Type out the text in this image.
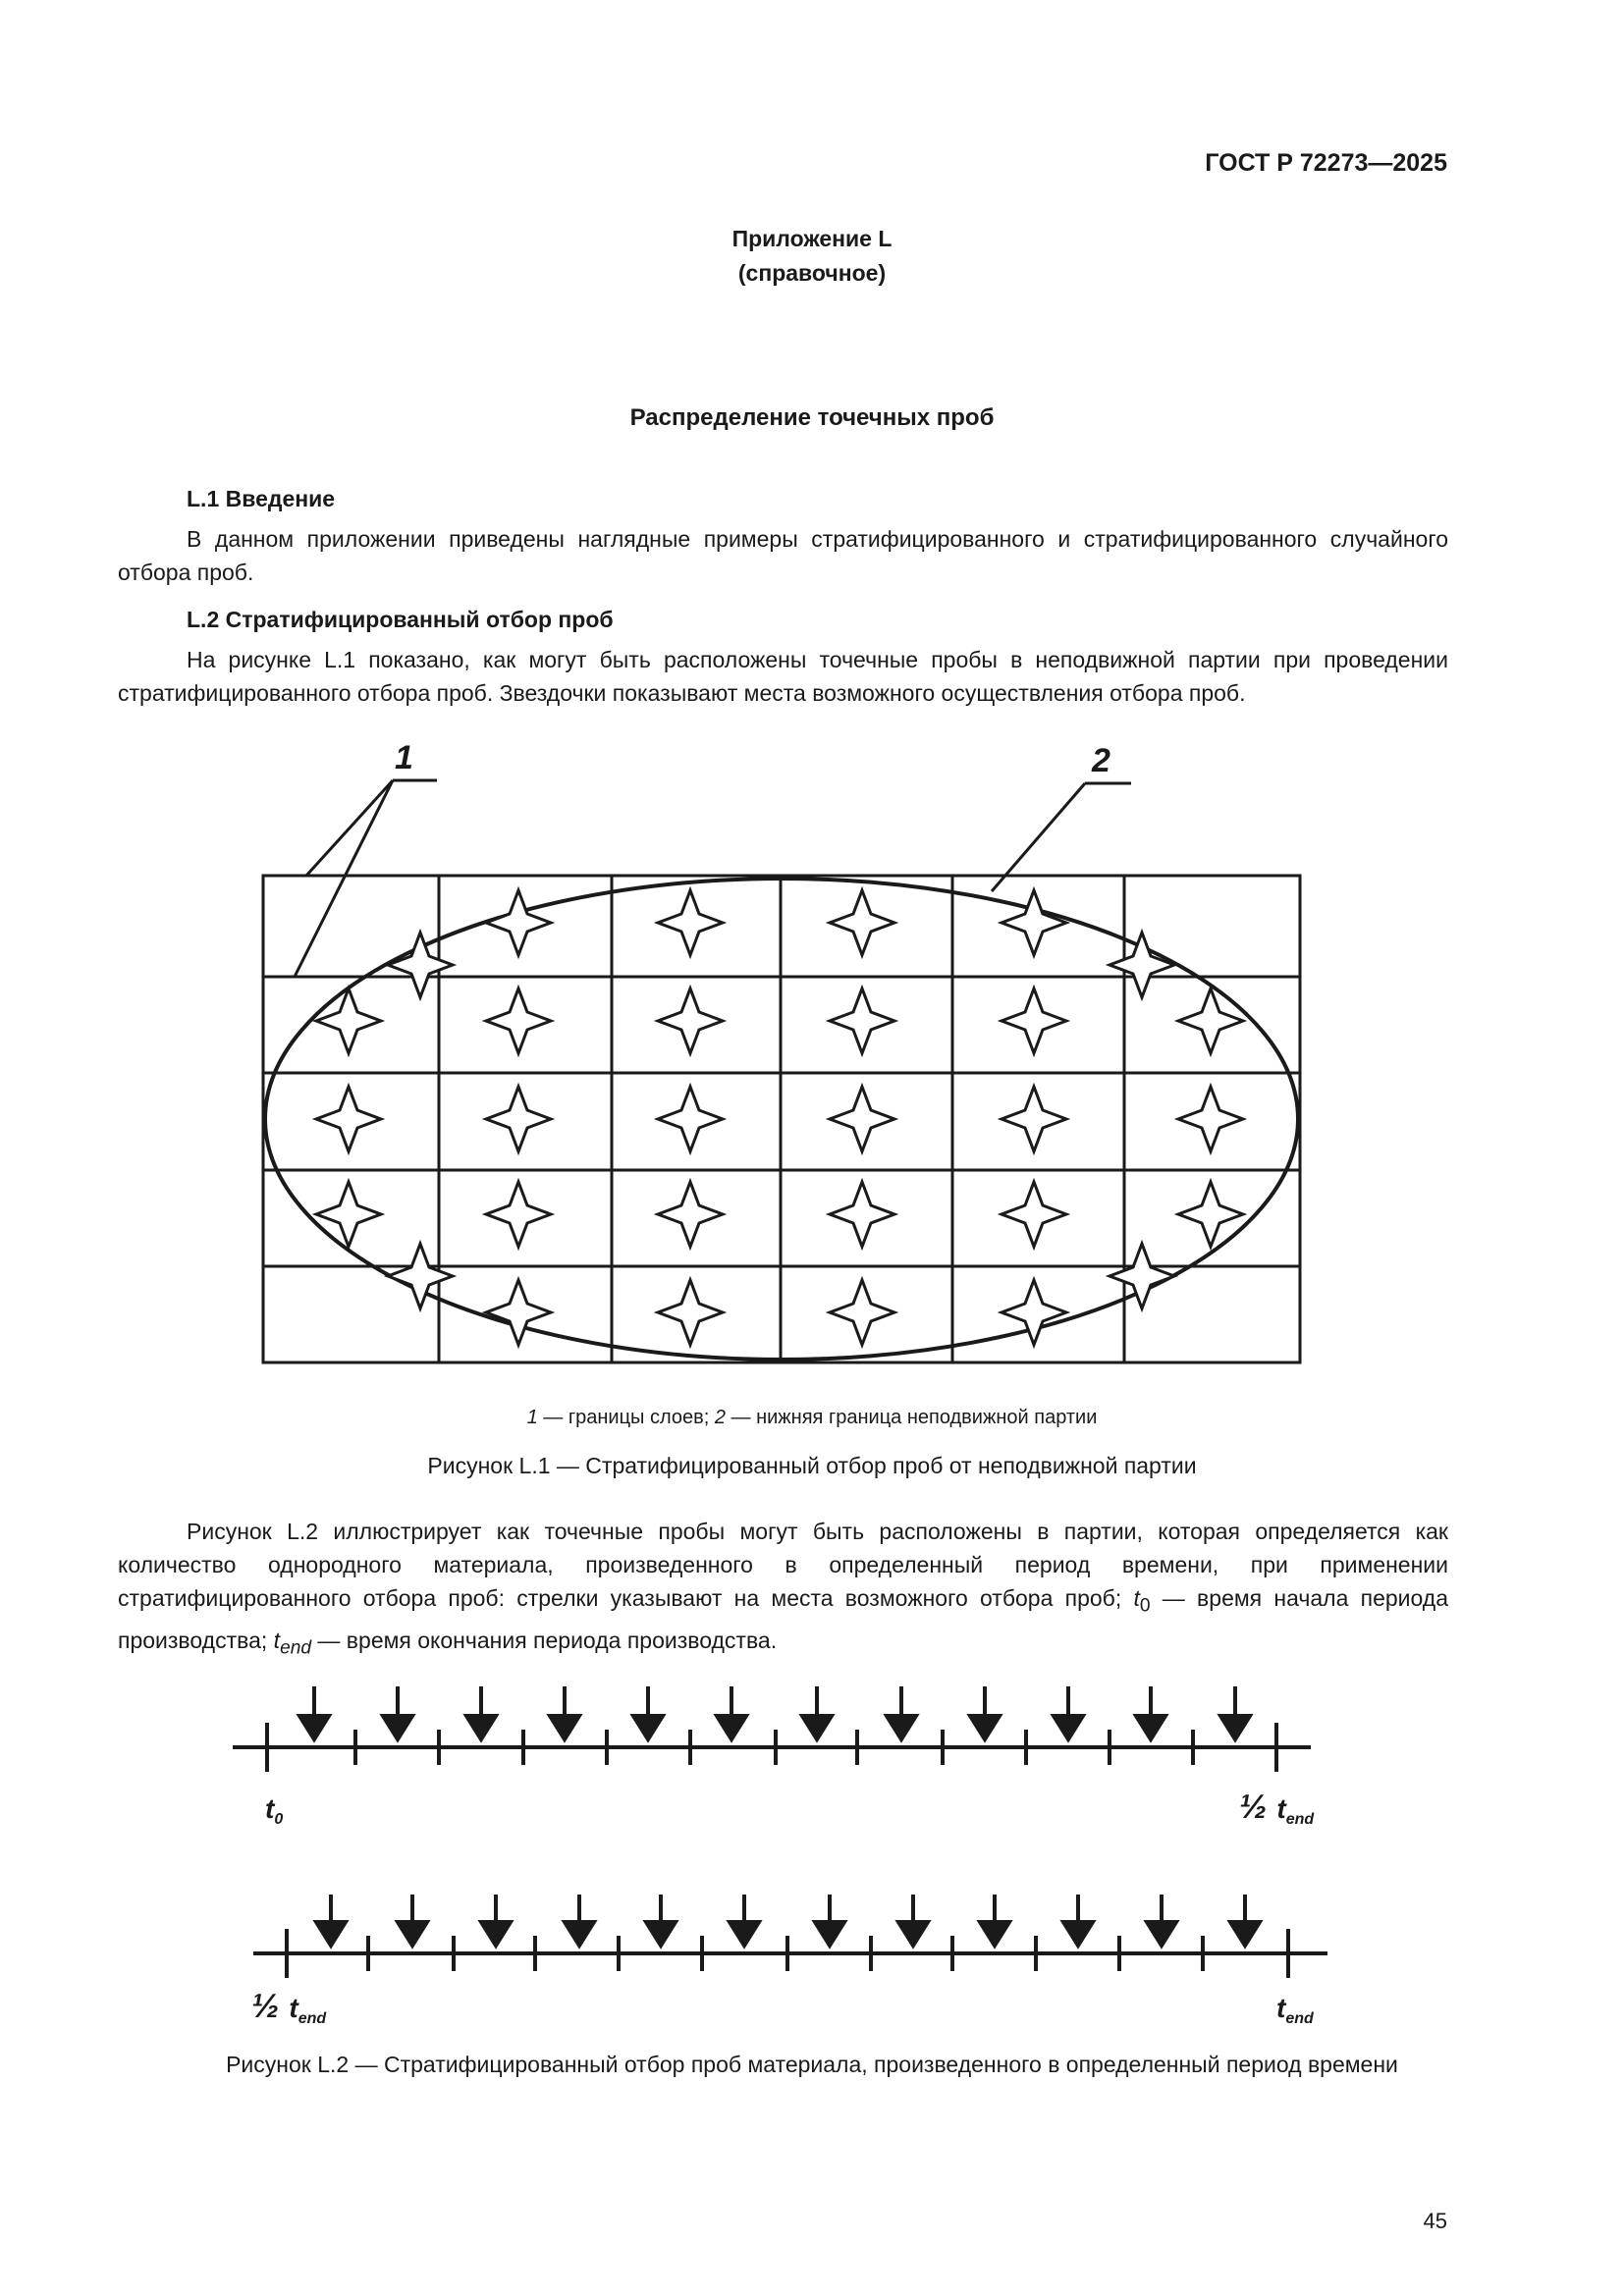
ГОСТ Р 72273—2025
Приложение L
(справочное)
Распределение точечных проб
L.1 Введение

В данном приложении приведены наглядные примеры стратифицированного и стратифицированного случайного отбора проб.

L.2 Стратифицированный отбор проб

На рисунке L.1 показано, как могут быть расположены точечные пробы в неподвижной партии при проведении стратифицированного отбора проб. Звездочки показывают места возможного осуществления отбора проб.

1	2
1 — границы слоев; 2 — нижняя граница неподвижной партии
Рисунок L.1 — Стратифицированный отбор проб от неподвижной партии

Рисунок L.2 иллюстрирует как точечные пробы могут быть расположены в партии, которая определяется как количество однородного материала, произведенного в определенный период времени, при применении стратифицированного отбора проб: стрелки указывают на места возможного отбора проб; $t_0$ — время начала периода производства; $t_{end}$ — время окончания периода производства.

$t_0$	½ $t_{end}$
½ $t_{end}$	$t_{end}$
Рисунок L.2 — Стратифицированный отбор проб материала, произведенного в определенный период времени
45
